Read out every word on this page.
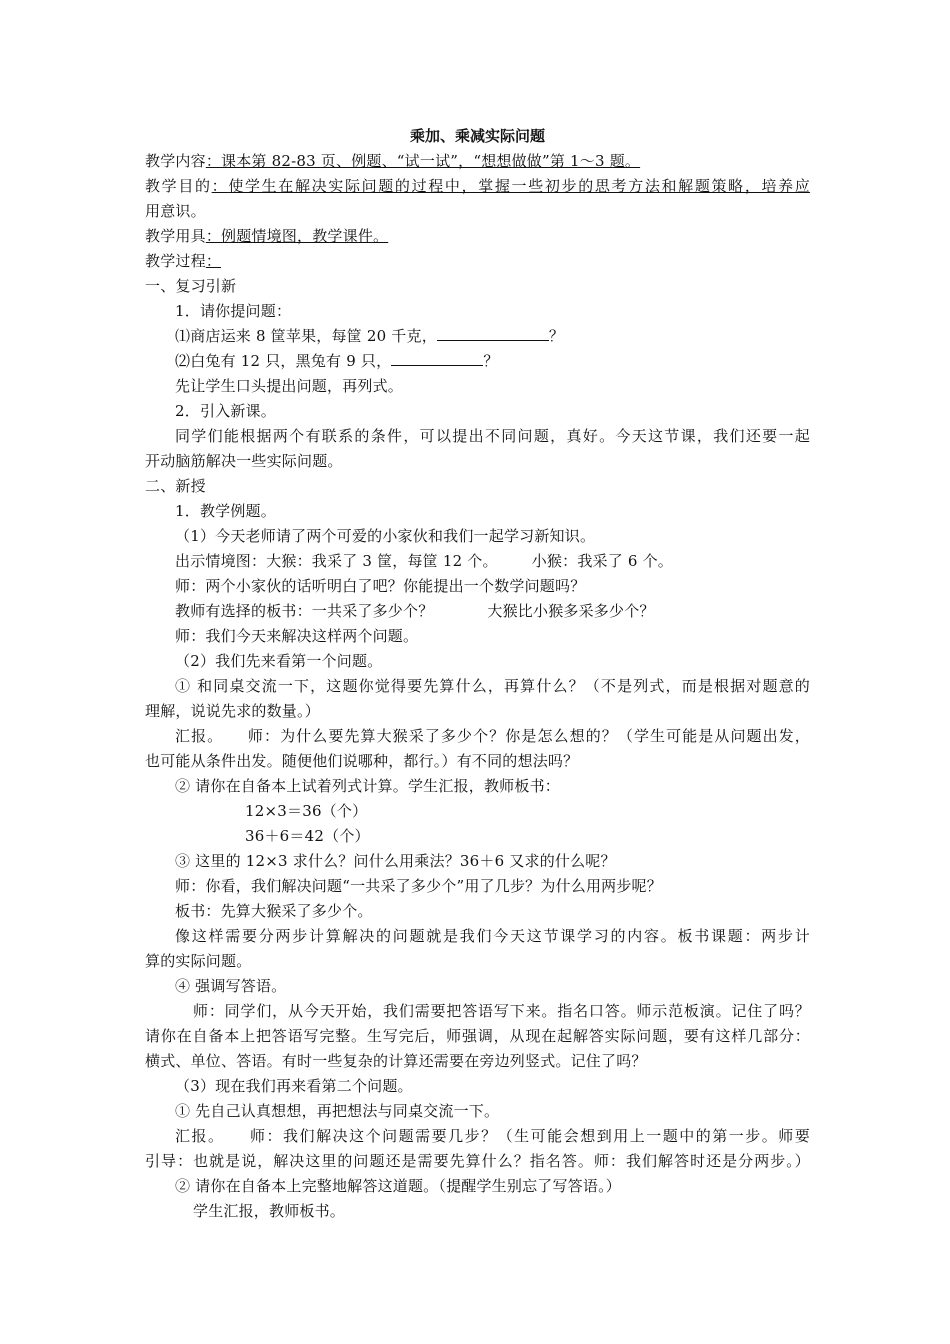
乘加、乘减实际问题
教学内容：课本第 82-83 页、例题、“试一试”，“想想做做”第 1～3 题。
教学目的：使学生在解决实际问题的过程中，掌握一些初步的思考方法和解题策略，培养应
用意识。
教学用具：例题情境图，教学课件。
教学过程：
一、复习引新
1．请你提问题：
⑴商店运来 8 筐苹果，每筐 20 千克，	？
⑵白兔有 12 只，黑兔有 9 只，	？
先让学生口头提出问题，再列式。
2．引入新课。
同学们能根据两个有联系的条件，可以提出不同问题，真好。今天这节课，我们还要一起
开动脑筋解决一些实际问题。
二、新授
1．教学例题。
（1）今天老师请了两个可爱的小家伙和我们一起学习新知识。
出示情境图：大猴：我采了 3 筐，每筐 12 个。 小猴：我采了 6 个。
师：两个小家伙的话听明白了吧？你能提出一个数学问题吗？
教师有选择的板书：一共采了多少个？	大猴比小猴多采多少个？
师：我们今天来解决这样两个问题。
（2）我们先来看第一个问题。
① 和同桌交流一下，这题你觉得要先算什么，再算什么？（不是列式，而是根据对题意的
理解，说说先求的数量。）
汇报。　　师：为什么要先算大猴采了多少个？你是怎么想的？（学生可能是从问题出发，
也可能从条件出发。随便他们说哪种，都行。）有不同的想法吗？
② 请你在自备本上试着列式计算。学生汇报，教师板书：
12×3＝36（个）
36＋6＝42（个）
③ 这里的 12×3 求什么？问什么用乘法？36＋6 又求的什么呢？
师：你看，我们解决问题“一共采了多少个”用了几步？为什么用两步呢？
板书：先算大猴采了多少个。
像这样需要分两步计算解决的问题就是我们今天这节课学习的内容。板书课题：两步计
算的实际问题。
④ 强调写答语。
师：同学们，从今天开始，我们需要把答语写下来。指名口答。师示范板演。记住了吗？
请你在自备本上把答语写完整。生写完后，师强调，从现在起解答实际问题，要有这样几部分：
横式、单位、答语。有时一些复杂的计算还需要在旁边列竖式。记住了吗？
（3）现在我们再来看第二个问题。
① 先自己认真想想，再把想法与同桌交流一下。
汇报。　　师：我们解决这个问题需要几步？（生可能会想到用上一题中的第一步。师要
引导：也就是说，解决这里的问题还是需要先算什么？指名答。师：我们解答时还是分两步。）
② 请你在自备本上完整地解答这道题。（提醒学生别忘了写答语。）
学生汇报，教师板书。
